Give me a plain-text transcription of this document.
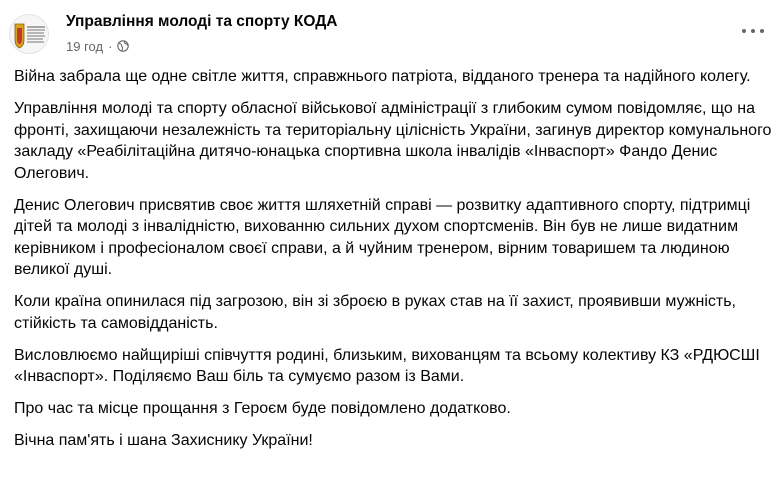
Управління молоді та спорту КОДА
19 год ·

Війна забрала ще одне світле життя, справжнього патріота, відданого тренера та надійного колегу.

Управління молоді та спорту обласної військової адміністрації з глибоким сумом повідомляє, що на фронті, захищаючи незалежність та територіальну цілісність України, загинув директор комунального закладу «Реабілітаційна дитячо-юнацька спортивна школа інвалідів «Інваспорт» Фандо Денис Олегович.

Денис Олегович присвятив своє життя шляхетній справі — розвитку адаптивного спорту, підтримці дітей та молоді з інвалідністю, вихованню сильних духом спортсменів. Він був не лише видатним керівником і професіоналом своєї справи, а й чуйним тренером, вірним товаришем та людиною великої душі.

Коли країна опинилася під загрозою, він зі зброєю в руках став на її захист, проявивши мужність, стійкість та самовідданість.

Висловлюємо найщиріші співчуття родині, близьким, вихованцям та всьому колективу КЗ «РДЮСШІ «Інваспорт». Поділяємо Ваш біль та сумуємо разом із Вами.

Про час та місце прощання з Героєм буде повідомлено додатково.

Вічна пам'ять і шана Захиснику України!
